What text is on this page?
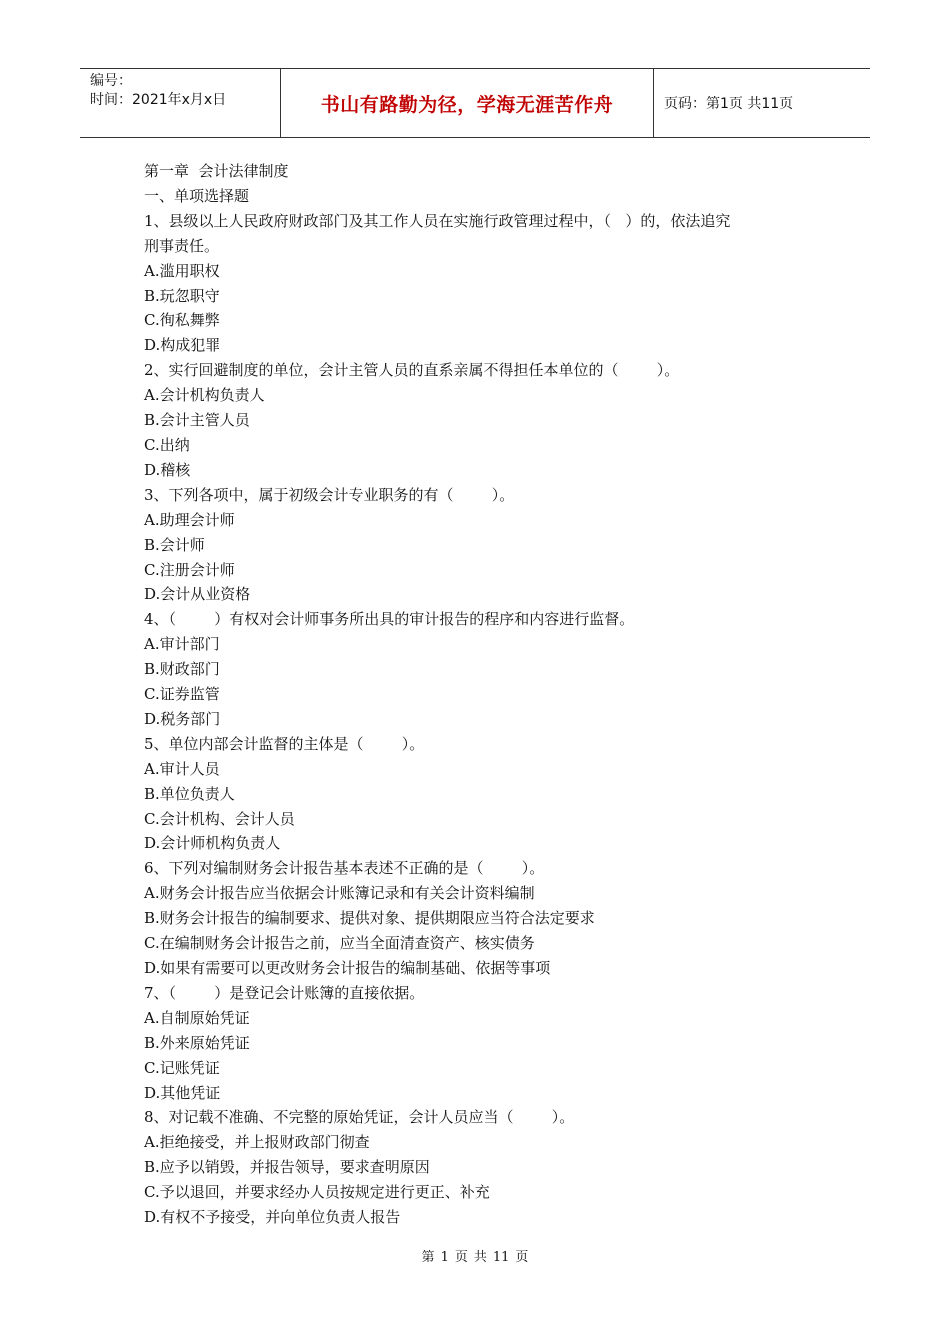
编号：
时间：2021年x月x日	书山有路勤为径，学海无涯苦作舟	页码：第1页 共11页

第一章  会计法律制度

一、单项选择题

1、县级以上人民政府财政部门及其工作人员在实施行政管理过程中，（   ）的，依法追究

刑事责任。

A.滥用职权

B.玩忽职守

C.徇私舞弊

D.构成犯罪

2、实行回避制度的单位，会计主管人员的直系亲属不得担任本单位的（        ）。

A.会计机构负责人

B.会计主管人员

C.出纳

D.稽核

3、下列各项中，属于初级会计专业职务的有（        ）。

A.助理会计师

B.会计师

C.注册会计师

D.会计从业资格

4、（        ）有权对会计师事务所出具的审计报告的程序和内容进行监督。

A.审计部门

B.财政部门

C.证券监管

D.税务部门

5、单位内部会计监督的主体是（        ）。

A.审计人员

B.单位负责人

C.会计机构、会计人员

D.会计师机构负责人

6、下列对编制财务会计报告基本表述不正确的是（        ）。

A.财务会计报告应当依据会计账簿记录和有关会计资料编制

B.财务会计报告的编制要求、提供对象、提供期限应当符合法定要求

C.在编制财务会计报告之前，应当全面清查资产、核实债务

D.如果有需要可以更改财务会计报告的编制基础、依据等事项

7、（        ）是登记会计账簿的直接依据。

A.自制原始凭证

B.外来原始凭证

C.记账凭证

D.其他凭证

8、对记载不准确、不完整的原始凭证，会计人员应当（        ）。

A.拒绝接受，并上报财政部门彻查

B.应予以销毁，并报告领导，要求查明原因

C.予以退回，并要求经办人员按规定进行更正、补充

D.有权不予接受，并向单位负责人报告

第 1 页 共 11 页
